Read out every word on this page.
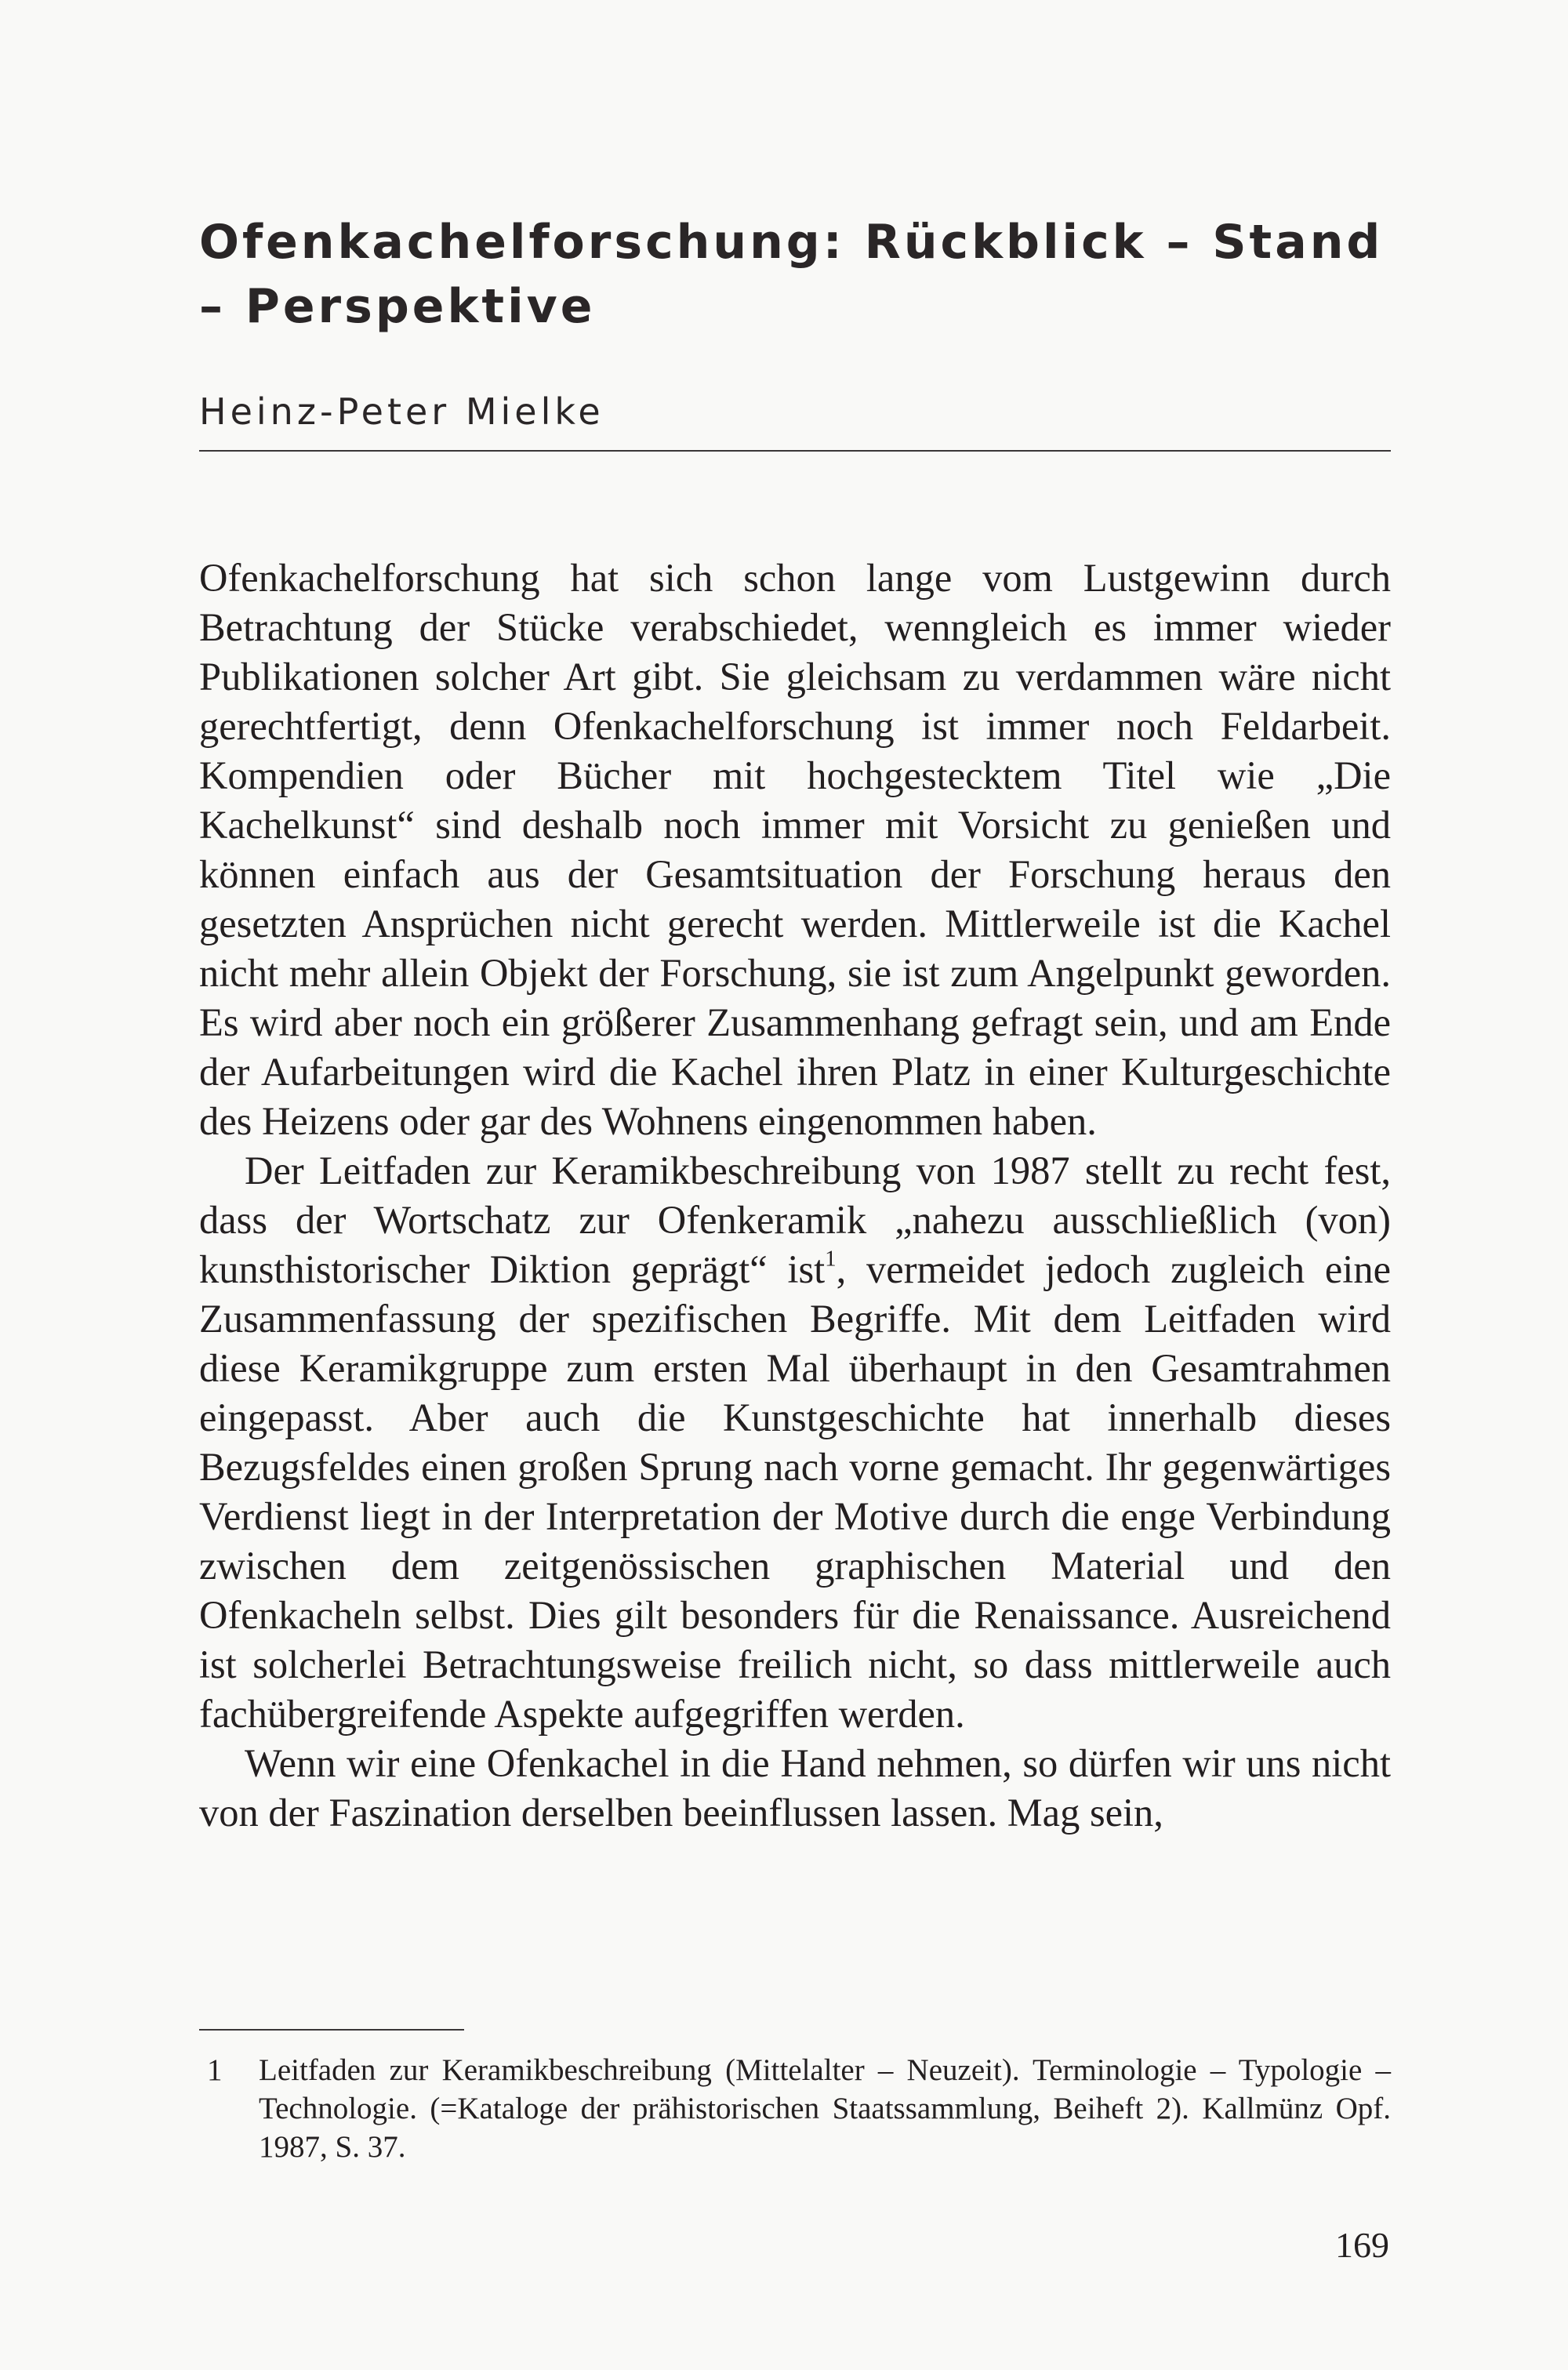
Ofenkachelforschung: Rückblick – Stand – Perspektive
Heinz-Peter Mielke

Ofenkachelforschung hat sich schon lange vom Lustgewinn durch Betrachtung der Stücke verabschiedet, wenngleich es immer wieder Publikationen solcher Art gibt. Sie gleichsam zu verdammen wäre nicht gerechtfertigt, denn Ofenkachelforschung ist immer noch Feldarbeit. Kompendien oder Bücher mit hochgestecktem Titel wie „Die Kachelkunst“ sind deshalb noch immer mit Vorsicht zu genießen und können einfach aus der Gesamtsituation der Forschung heraus den gesetzten Ansprüchen nicht gerecht werden. Mittlerweile ist die Kachel nicht mehr allein Objekt der Forschung, sie ist zum Angelpunkt geworden. Es wird aber noch ein größerer Zusammenhang gefragt sein, und am Ende der Aufarbeitungen wird die Kachel ihren Platz in einer Kulturgeschichte des Heizens oder gar des Wohnens eingenommen haben.

Der Leitfaden zur Keramikbeschreibung von 1987 stellt zu recht fest, dass der Wortschatz zur Ofenkeramik „nahezu ausschließlich (von) kunsthistorischer Diktion geprägt“ ist$^1$, vermeidet jedoch zugleich eine Zusammenfassung der spezifischen Begriffe. Mit dem Leitfaden wird diese Keramikgruppe zum ersten Mal überhaupt in den Gesamtrahmen eingepasst. Aber auch die Kunstgeschichte hat innerhalb dieses Bezugsfeldes einen großen Sprung nach vorne gemacht. Ihr gegenwärtiges Verdienst liegt in der Interpretation der Motive durch die enge Verbindung zwischen dem zeitgenössischen graphischen Material und den Ofenkacheln selbst. Dies gilt besonders für die Renaissance. Ausreichend ist solcherlei Betrachtungsweise freilich nicht, so dass mittlerweile auch fachübergreifende Aspekte aufgegriffen werden.

Wenn wir eine Ofenkachel in die Hand nehmen, so dürfen wir uns nicht von der Faszination derselben beeinflussen lassen. Mag sein,

1 Leitfaden zur Keramikbeschreibung (Mittelalter – Neuzeit). Terminologie – Typologie – Technologie. (=Kataloge der prähistorischen Staatssammlung, Beiheft 2). Kallmünz Opf. 1987, S. 37.
169
